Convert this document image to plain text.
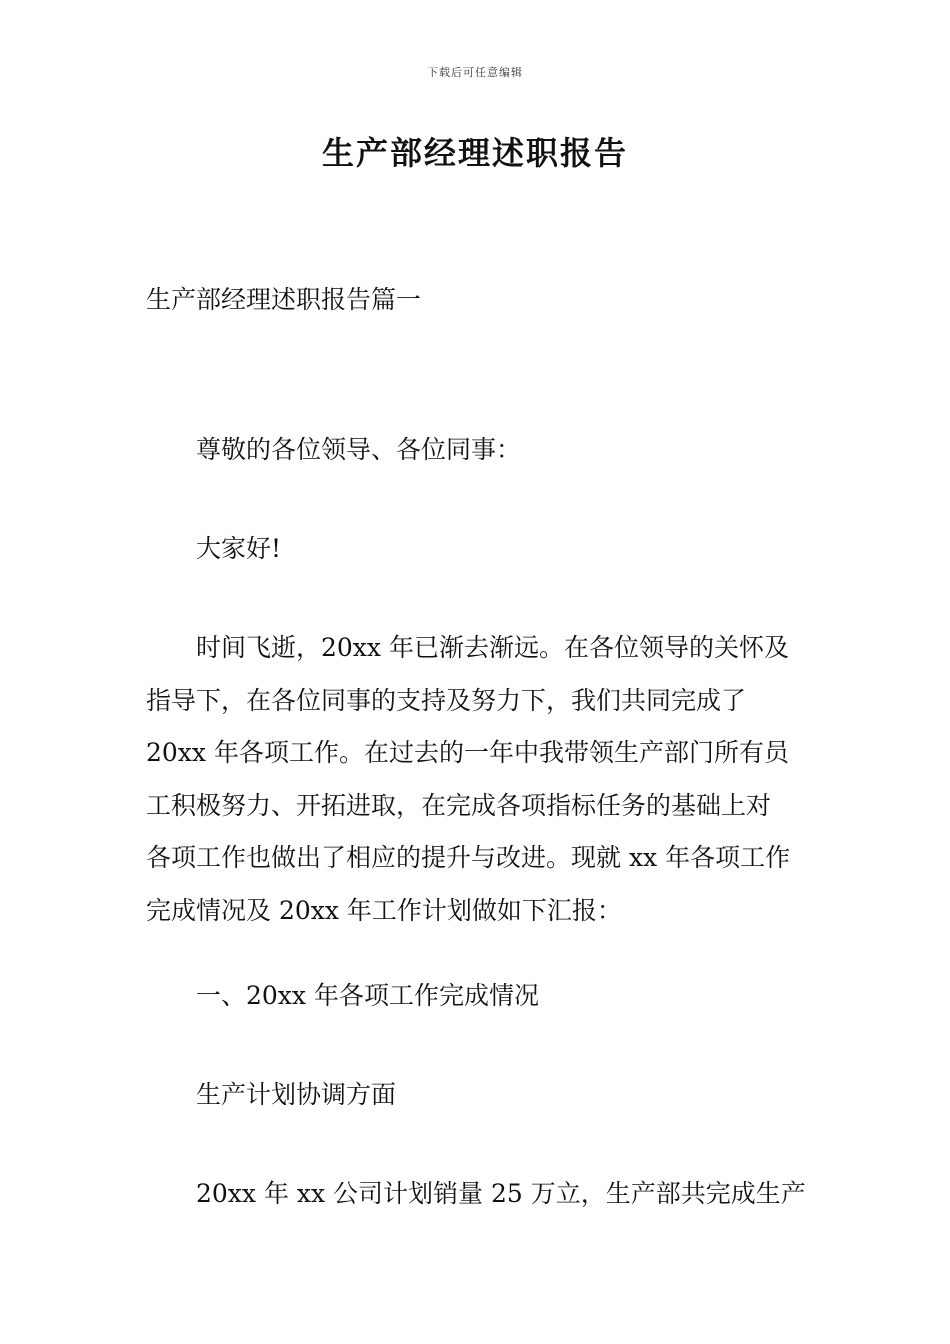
下载后可任意编辑
生产部经理述职报告
生产部经理述职报告篇一
尊敬的各位领导、各位同事：
大家好!
　　时间飞逝，20xx 年已渐去渐远。在各位领导的关怀及
指导下，在各位同事的支持及努力下，我们共同完成了
20xx 年各项工作。在过去的一年中我带领生产部门所有员
工积极努力、开拓进取，在完成各项指标任务的基础上对
各项工作也做出了相应的提升与改进。现就 xx 年各项工作
完成情况及 20xx 年工作计划做如下汇报：
一、20xx 年各项工作完成情况
生产计划协调方面
20xx 年 xx 公司计划销量 25 万立，生产部共完成生产
